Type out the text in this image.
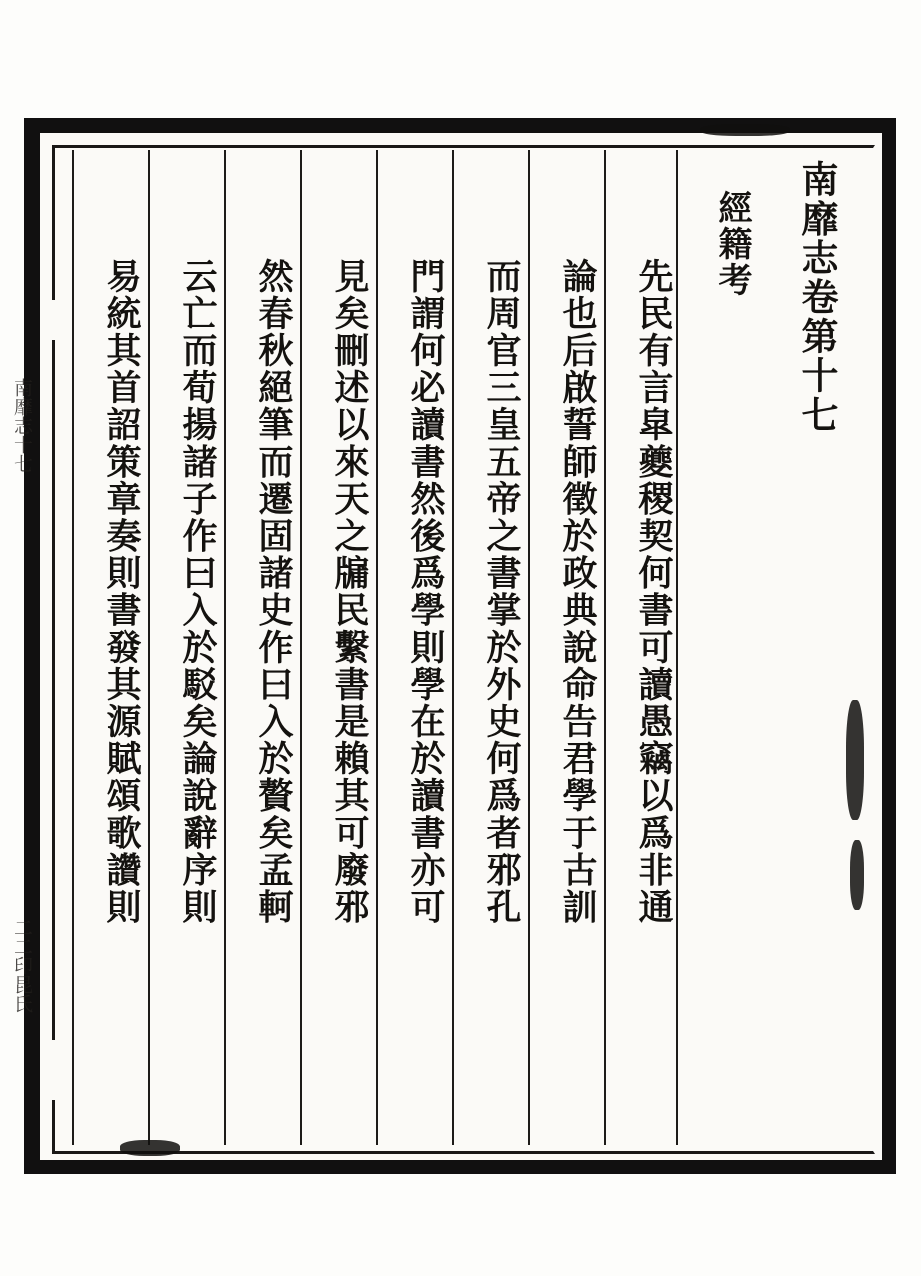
南靡志卷第十七
經籍考
先民有言皐夔稷契何書可讀愚竊以爲非通
論也后啟誓師徵於政典說命告君學于古訓
而周官三皇五帝之書掌於外史何爲者邪孔
門謂何必讀書然後爲學則學在於讀書亦可
見矣刪述以來天之牖民繫書是賴其可廢邪
然春秋絕筆而遷固諸史作曰入於贅矣孟軻
云亡而荀揚諸子作曰入於駁矣論說辭序則
易統其首詔策章奏則書發其源賦頌歌讚則
南靡志十七
二二印昆氏
